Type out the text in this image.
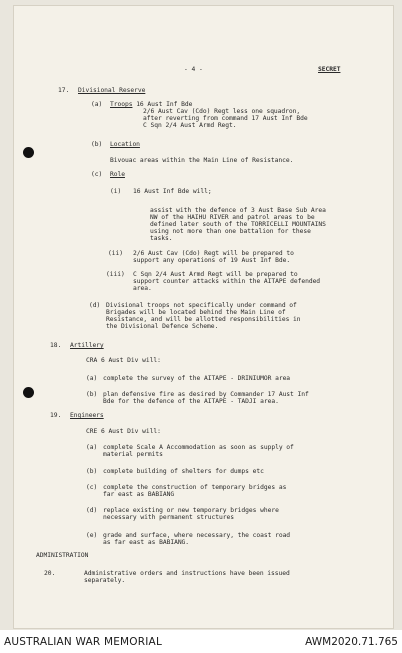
- 4 -	SECRET
17. Divisional Reserve
(a) Troops 16 Aust Inf Bde
2/6 Aust Cav (Cdo) Regt less one squadron,
after reverting from command 17 Aust Inf Bde
C Sqn 2/4 Aust Armd Regt.
(b) Location
Bivouac areas within the Main Line of Resistance.
(c) Role
(i) 16 Aust Inf Bde will;
assist with the defence of 3 Aust Base Sub Area
NW of the HAIHU RIVER and patrol areas to be
defined later south of the TORRICELLI MOUNTAINS
using not more than one battalion for these
tasks.
(ii) 2/6 Aust Cav (Cdo) Regt will be prepared to
support any operations of 19 Aust Inf Bde.
(iii) C Sqn 2/4 Aust Armd Regt will be prepared to
support counter attacks within the AITAPE defended
area.
(d) Divisional troops not specifically under command of
Brigades will be located behind the Main Line of
Resistance, and will be allotted responsibilities in
the Divisional Defence Scheme.
18. Artillery
CRA 6 Aust Div will:
(a) complete the survey of the AITAPE - DRINIUMOR area
(b) plan defensive fire as desired by Commander 17 Aust Inf
Bde for the defence of the AITAPE - TADJI area.
19. Engineers
CRE 6 Aust Div will:
(a) complete Scale A Accommodation as soon as supply of
material permits
(b) complete building of shelters for dumps etc
(c) complete the construction of temporary bridges as
far east as BABIANG
(d) replace existing or new temporary bridges where
necessary with permanent structures
(e) grade and surface, where necessary, the coast road
as far east as BABIANG.
ADMINISTRATION
20.	Administrative orders and instructions have been issued
separately.
AUSTRALIAN WAR MEMORIAL	AWM2020.71.765
